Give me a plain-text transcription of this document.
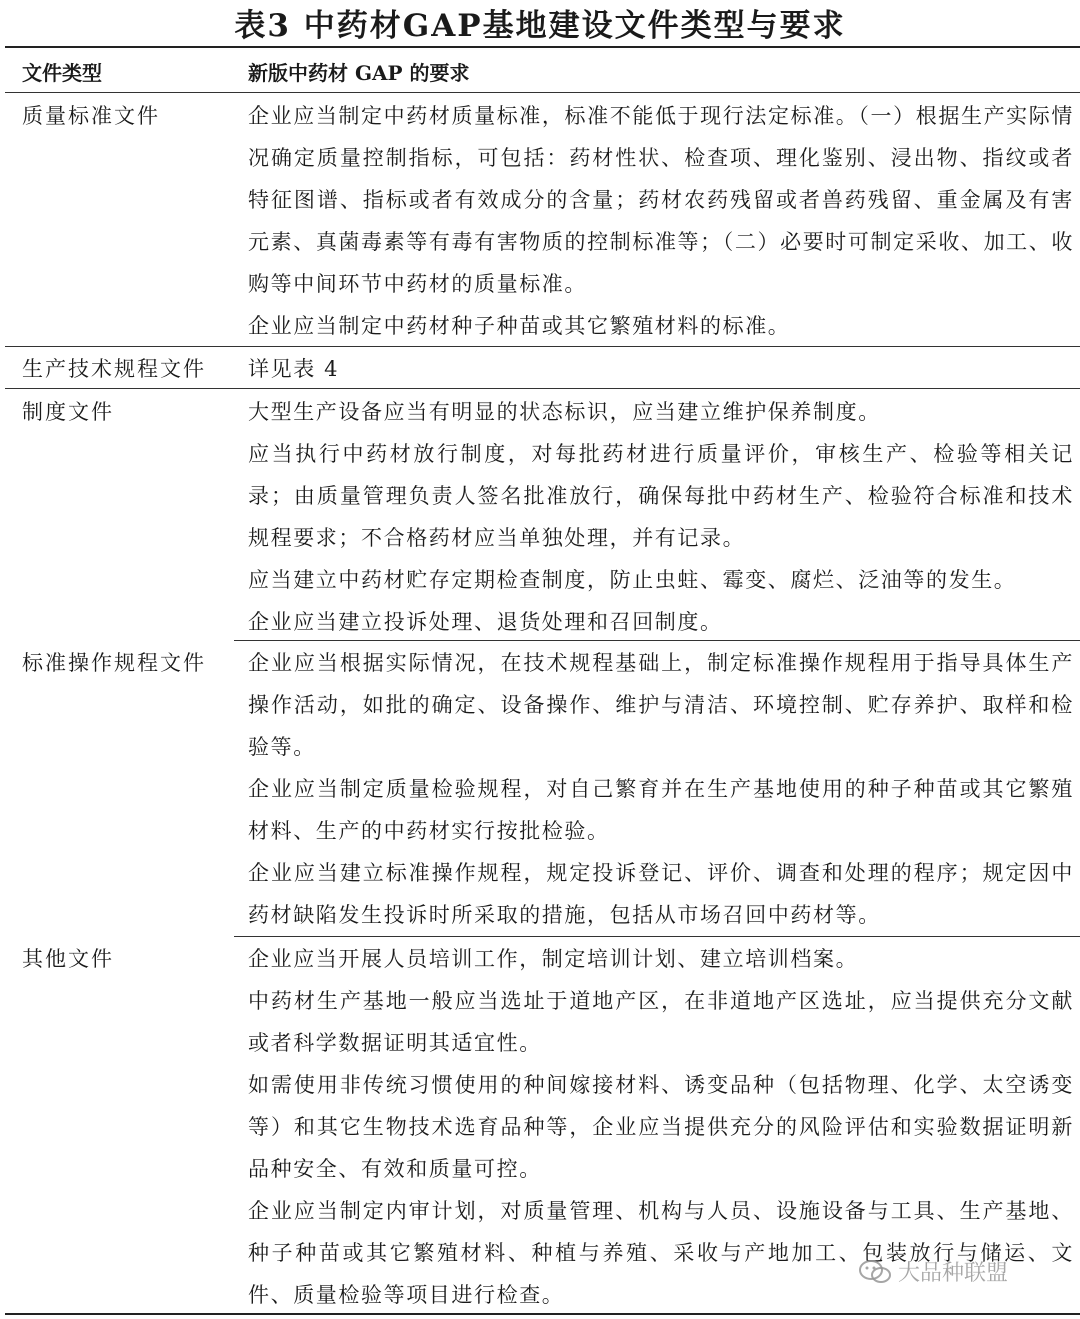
表3 中药材GAP基地建设文件类型与要求
文件类型	新版中药材 GAP 的要求
质量标准文件	企业应当制定中药材质量标准，标准不能低于现行法定标准。（一）根据生产实际情况确定质量控制指标，可包括：药材性状、检查项、理化鉴别、浸出物、指纹或者特征图谱、指标或者有效成分的含量；药材农药残留或者兽药残留、重金属及有害元素、真菌毒素等有毒有害物质的控制标准等；（二）必要时可制定采收、加工、收购等中间环节中药材的质量标准。

企业应当制定中药材种子种苗或其它繁殖材料的标准。

生产技术规程文件 详见表 4

制度文件	大型生产设备应当有明显的状态标识，应当建立维护保养制度。

应当执行中药材放行制度，对每批药材进行质量评价，审核生产、检验等相关记录；由质量管理负责人签名批准放行，确保每批中药材生产、检验符合标准和技术规程要求；不合格药材应当单独处理，并有记录。

应当建立中药材贮存定期检查制度，防止虫蛀、霉变、腐烂、泛油等的发生。

企业应当建立投诉处理、退货处理和召回制度。

标准操作规程文件 企业应当根据实际情况，在技术规程基础上，制定标准操作规程用于指导具体生产操作活动，如批的确定、设备操作、维护与清洁、环境控制、贮存养护、取样和检验等。

企业应当制定质量检验规程，对自己繁育并在生产基地使用的种子种苗或其它繁殖材料、生产的中药材实行按批检验。

企业应当建立标准操作规程，规定投诉登记、评价、调查和处理的程序；规定因中药材缺陷发生投诉时所采取的措施，包括从市场召回中药材等。

其他文件	企业应当开展人员培训工作，制定培训计划、建立培训档案。

中药材生产基地一般应当选址于道地产区，在非道地产区选址，应当提供充分文献或者科学数据证明其适宜性。

如需使用非传统习惯使用的种间嫁接材料、诱变品种（包括物理、化学、太空诱变等）和其它生物技术选育品种等，企业应当提供充分的风险评估和实验数据证明新品种安全、有效和质量可控。

企业应当制定内审计划，对质量管理、机构与人员、设施设备与工具、生产基地、种子种苗或其它繁殖材料、种植与养殖、采收与产地加工、包装放行与储运、文件、质量检验等项目进行检查。

大品种联盟
